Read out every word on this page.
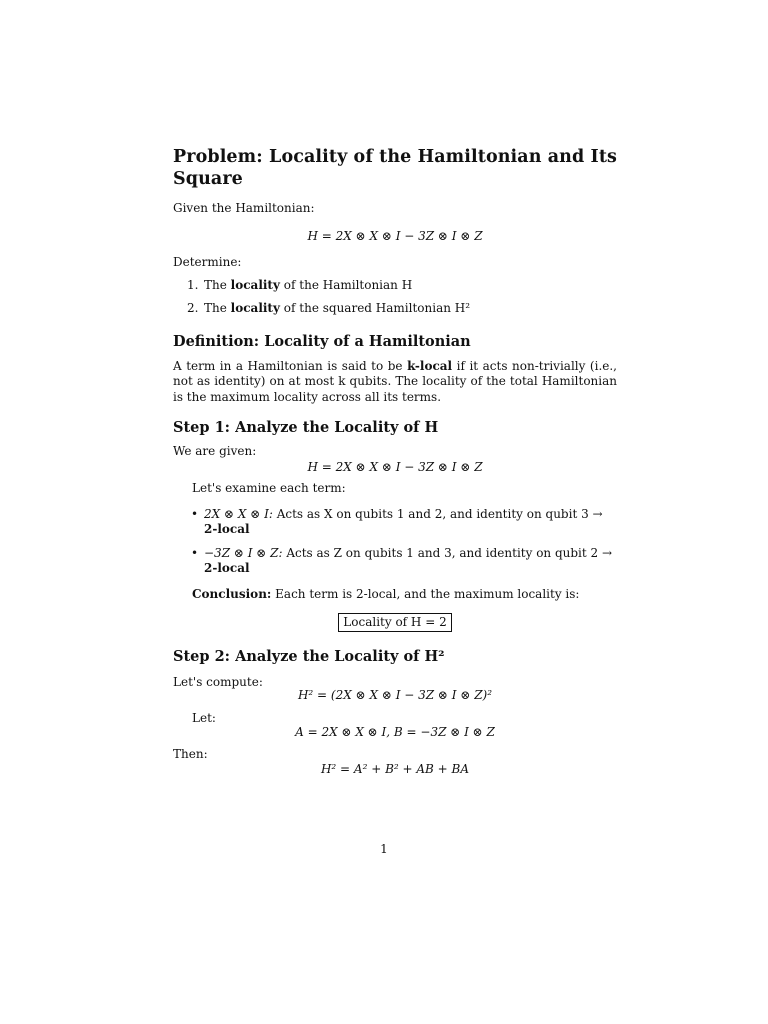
Problem: Locality of the Hamiltonian and Its Square

Given the Hamiltonian:

H = 2X ⊗ X ⊗ I − 3Z ⊗ I ⊗ Z

Determine:

1. The locality of the Hamiltonian H
2. The locality of the squared Hamiltonian H²
Definition: Locality of a Hamiltonian

A term in a Hamiltonian is said to be k-local if it acts non-trivially (i.e., not as identity) on at most k qubits. The locality of the total Hamiltonian is the maximum locality across all its terms.

Step 1: Analyze the Locality of H

We are given:

H = 2X ⊗ X ⊗ I − 3Z ⊗ I ⊗ Z

Let's examine each term:

• 2X ⊗ X ⊗ I: Acts as X on qubits 1 and 2, and identity on qubit 3 →
2-local
• −3Z ⊗ I ⊗ Z: Acts as Z on qubits 1 and 3, and identity on qubit 2 →
2-local

Conclusion: Each term is 2-local, and the maximum locality is:

Locality of H = 2
Step 2: Analyze the Locality of H²

Let's compute:

H² = (2X ⊗ X ⊗ I − 3Z ⊗ I ⊗ Z)²

Let:

A = 2X ⊗ X ⊗ I, B = −3Z ⊗ I ⊗ Z

Then:

H² = A² + B² + AB + BA
1
